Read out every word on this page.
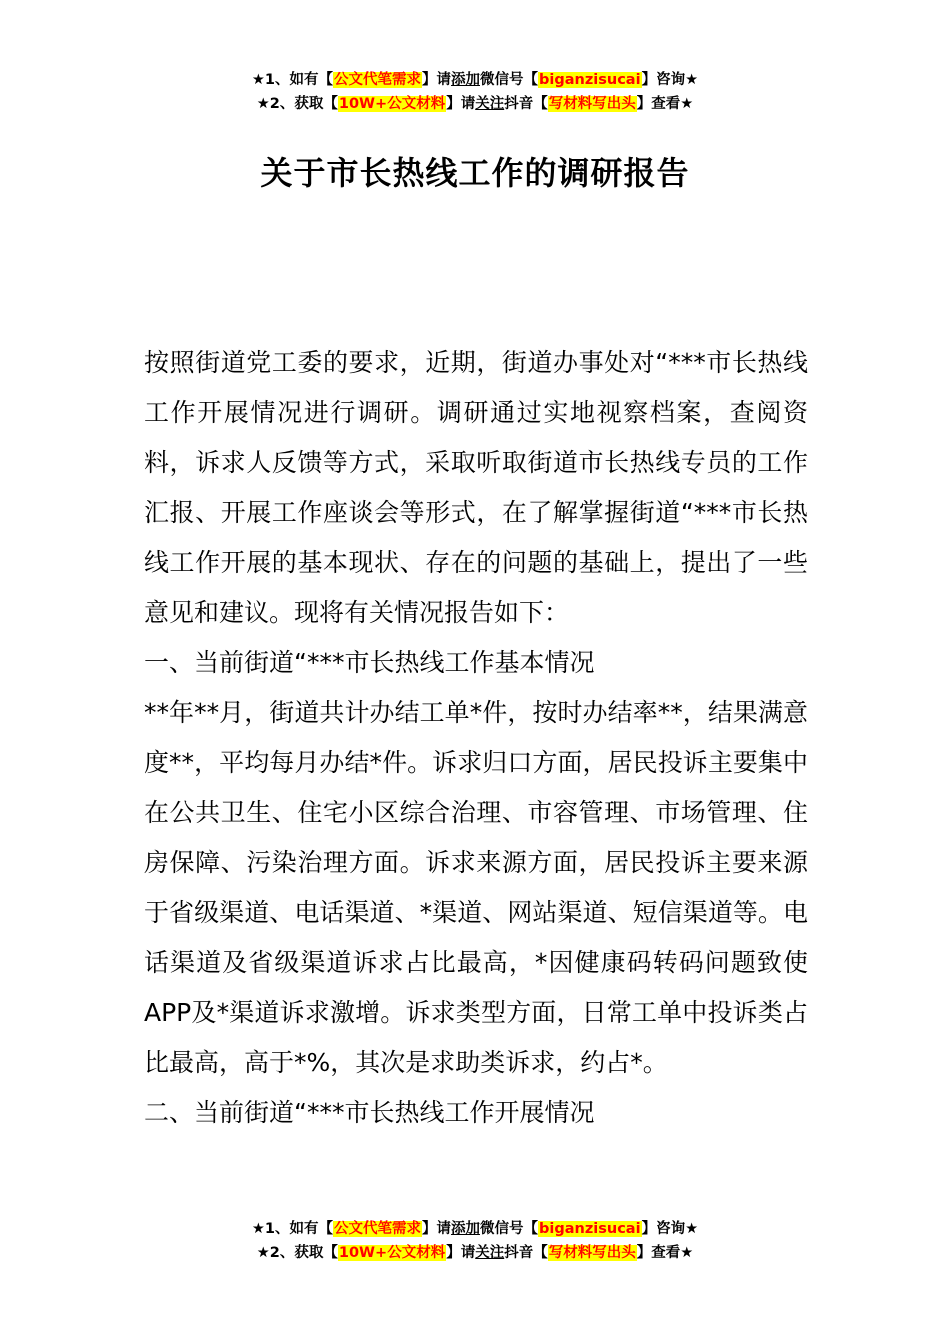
★1、如有【公文代笔需求】请添加微信号【biganzisucai】咨询★
★2、获取【10W+公文材料】请关注抖音【写材料写出头】查看★
关于市长热线工作的调研报告

按照街道党工委的要求，近期，街道办事处对“***市长热线工作开展情况进行调研。调研通过实地视察档案，查阅资料，诉求人反馈等方式，采取听取街道市长热线专员的工作汇报、开展工作座谈会等形式，在了解掌握街道“***市长热线工作开展的基本现状、存在的问题的基础上，提出了一些意见和建议。现将有关情况报告如下：

一、当前街道“***市长热线工作基本情况

**年**月，街道共计办结工单*件，按时办结率**，结果满意度**，平均每月办结*件。诉求归口方面，居民投诉主要集中在公共卫生、住宅小区综合治理、市容管理、市场管理、住房保障、污染治理方面。诉求来源方面，居民投诉主要来源于省级渠道、电话渠道、*渠道、网站渠道、短信渠道等。电话渠道及省级渠道诉求占比最高，*因健康码转码问题致使APP及*渠道诉求激增。诉求类型方面，日常工单中投诉类占比最高，高于*%，其次是求助类诉求，约占*。

二、当前街道“***市长热线工作开展情况

★1、如有【公文代笔需求】请添加微信号【biganzisucai】咨询★
★2、获取【10W+公文材料】请关注抖音【写材料写出头】查看★
